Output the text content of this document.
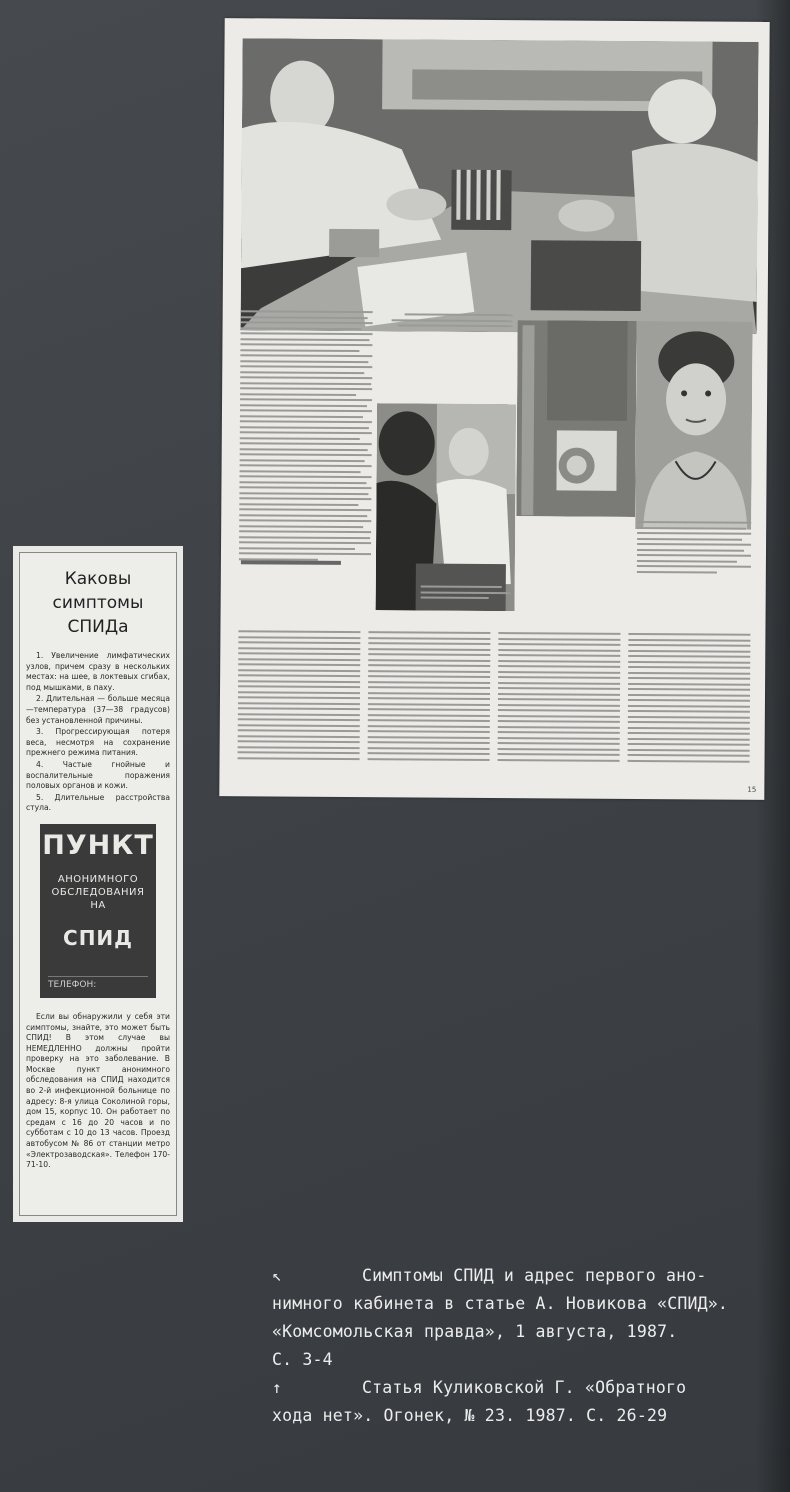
Каковы
симптомы
СПИДа

1. Увеличение лимфатических узлов, причем сразу в нескольких местах: на шее, в локтевых сгибах, под мышками, в паху.

2. Длительная — больше месяца—температура (37—38 градусов) без установленной причины.

3. Прогрессирующая потеря веса, несмотря на сохранение прежнего режима питания.

4. Частые гнойные и воспалительные поражения половых органов и кожи.

5. Длительные расстройства стула.

ПУНКТ
АНОНИМНОГО
ОБСЛЕДОВАНИЯ
НА
СПИД
ТЕЛЕФОН:
Если вы обнаружили у себя эти симптомы, знайте, это может быть СПИД! В этом случае вы НЕМЕДЛЕННО должны пройти проверку на это заболевание. В Москве пункт анонимного обследования на СПИД находится во 2-й инфекционной больнице по адресу: 8-я улица Соколиной горы, дом 15, корпус 10. Он работает по средам с 16 до 20 часов и по субботам с 10 до 13 часов. Проезд автобусом № 86 от станции метро «Электрозаводская». Телефон 170-71-10.
15
↖	Симптомы СПИД и адрес первого ано-
нимного кабинета в статье А. Новикова «СПИД».
«Комсомольская правда», 1 августа, 1987.
С. 3-4
↑	Статья Куликовской Г. «Обратного
хода нет». Огонек, № 23. 1987. С. 26-29
